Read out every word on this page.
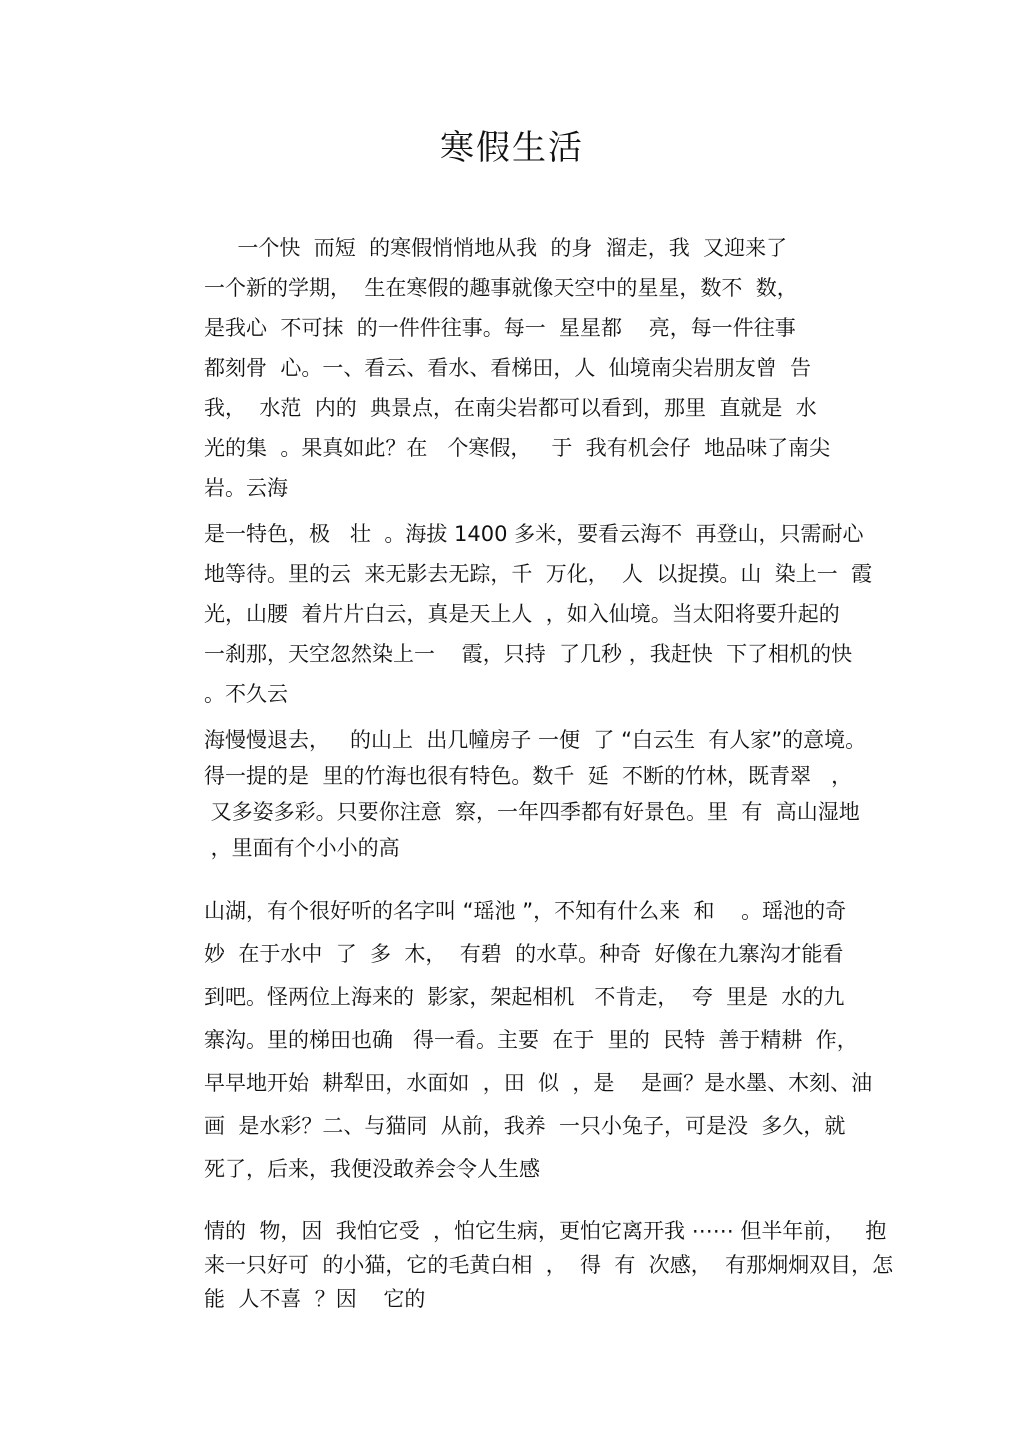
寒假生活
一个快  而短  的寒假悄悄地从我  的身  溜走，我  又迎来了
一个新的学期，  生在寒假的趣事就像天空中的星星，数不  数，
是我心  不可抹  的一件件往事。每一  星星都    亮，每一件往事
都刻骨  心。一、看云、看水、看梯田，人  仙境南尖岩朋友曾  告
我，  水范  内的  典景点，在南尖岩都可以看到，那里  直就是  水
光的集  。果真如此？在   个寒假，   于  我有机会仔  地品味了南尖
岩。云海
是一特色，极   壮  。海拔 1400 多米，要看云海不  再登山，只需耐心
地等待。里的云  来无影去无踪，千  万化，  人  以捉摸。山  染上一  霞
光，山腰  着片片白云，真是天上人  ，如入仙境。当太阳将要升起的
一刹那，天空忽然染上一    霞，只持  了几秒 ，我赶快  下了相机的快
。不久云
海慢慢退去，   的山上  出几幢房子 一便  了 “白云生  有人家”的意境。
得一提的是  里的竹海也很有特色。数千  延  不断的竹林，既青翠   ，
又多姿多彩。只要你注意  察，一年四季都有好景色。里  有  高山湿地
，里面有个小小的高
山湖，有个很好听的名字叫 “瑶池 ”，不知有什么来  和    。瑶池的奇
妙  在于水中  了  多  木，  有碧  的水草。种奇  好像在九寨沟才能看
到吧。怪两位上海来的  影家，架起相机   不肯走，  夸  里是  水的九
寨沟。里的梯田也确   得一看。主要  在于  里的  民特  善于精耕  作，
早早地开始  耕犁田，水面如  ，田  似  ，是    是画？是水墨、木刻、油
画  是水彩？二、与猫同  从前，我养  一只小兔子，可是没  多久，就
死了，后来，我便没敢养会令人生感
情的  物，因  我怕它受  ，怕它生病，更怕它离开我 ⋯⋯ 但半年前，   抱
来一只好可  的小猫，它的毛黄白相  ，  得  有  次感，  有那炯炯双目，怎
能  人不喜  ？因    它的
